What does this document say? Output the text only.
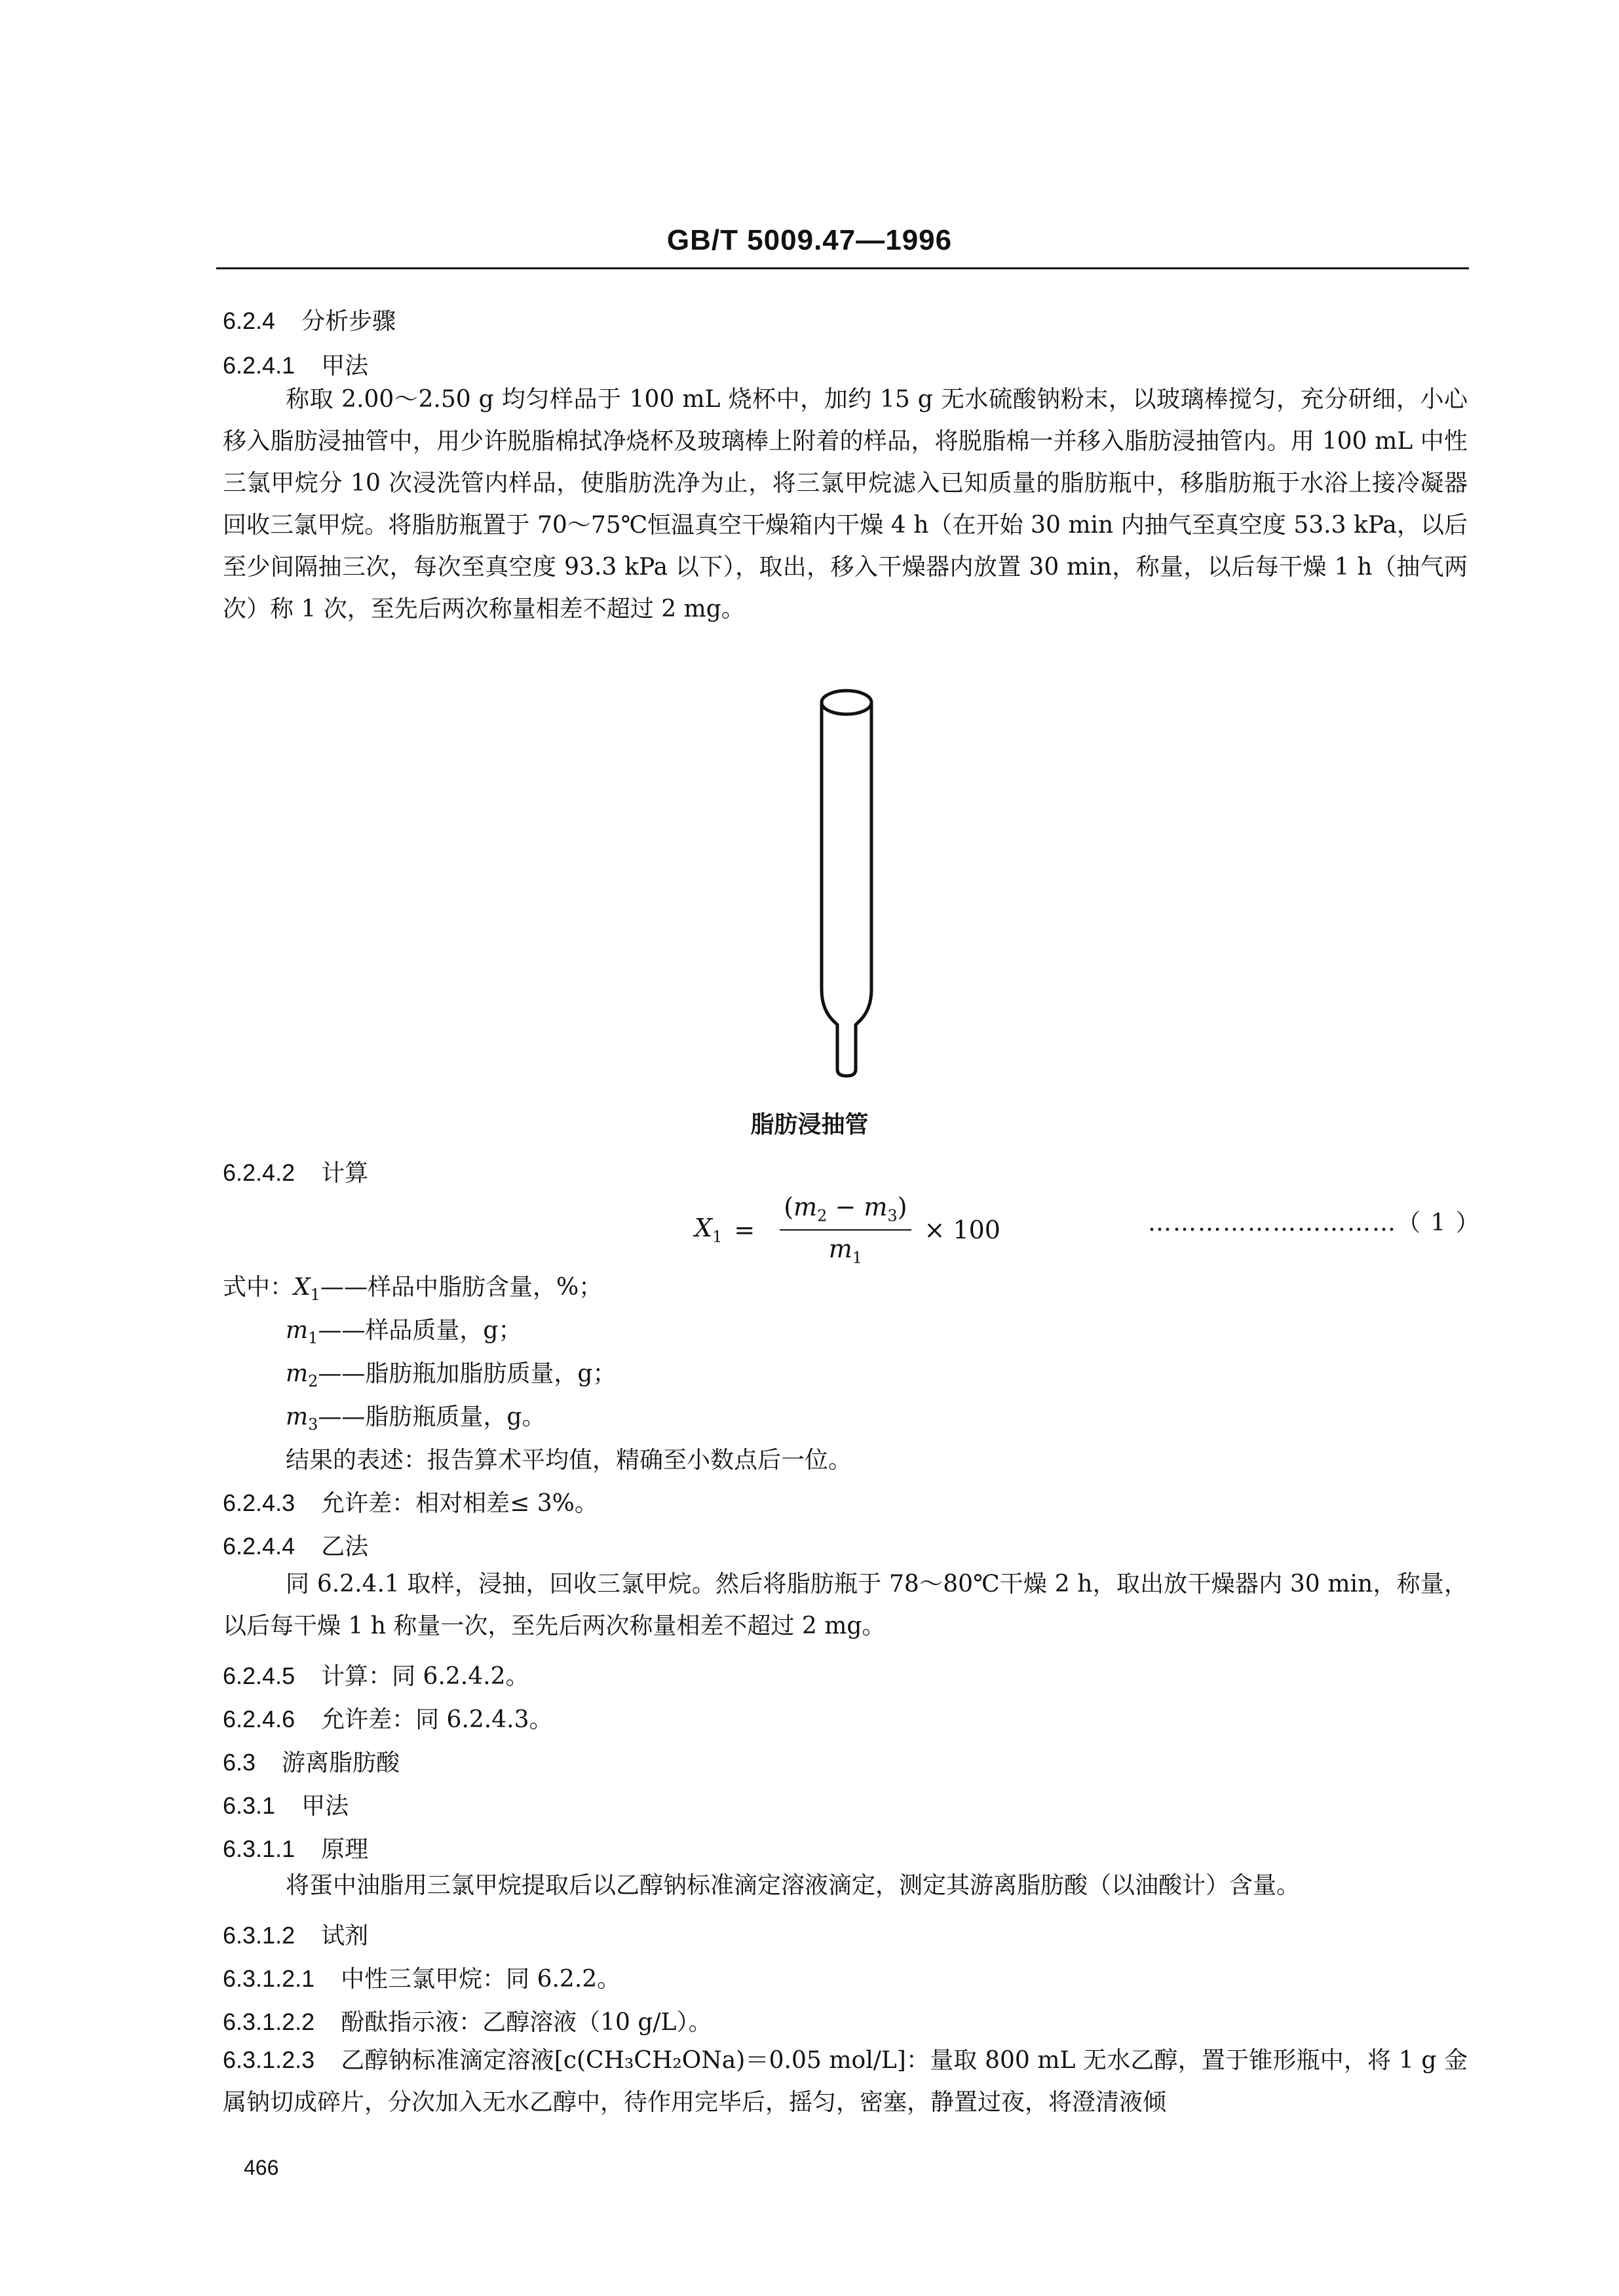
GB/T 5009.47—1996
6.2.4 分析步骤
6.2.4.1 甲法

称取 2.00～2.50 g 均匀样品于 100 mL 烧杯中，加约 15 g 无水硫酸钠粉末，以玻璃棒搅匀，充分研细，小心移入脂肪浸抽管中，用少许脱脂棉拭净烧杯及玻璃棒上附着的样品，将脱脂棉一并移入脂肪浸抽管内。用 100 mL 中性三氯甲烷分 10 次浸洗管内样品，使脂肪洗净为止，将三氯甲烷滤入已知质量的脂肪瓶中，移脂肪瓶于水浴上接冷凝器回收三氯甲烷。将脂肪瓶置于 70～75℃恒温真空干燥箱内干燥 4 h（在开始 30 min 内抽气至真空度 53.3 kPa，以后至少间隔抽三次，每次至真空度 93.3 kPa 以下），取出，移入干燥器内放置 30 min，称量，以后每干燥 1 h（抽气两次）称 1 次，至先后两次称量相差不超过 2 mg。

脂肪浸抽管
6.2.4.2 计算
$X_1 = \frac{(m_2 - m_3)}{m_1} \times 100$	…………………………（ 1 ）
式中：$X_1——$样品中脂肪含量，%；
$m_1——$样品质量，g；
$m_2——$脂肪瓶加脂肪质量，g；
$m_3——$脂肪瓶质量，g。
结果的表述：报告算术平均值，精确至小数点后一位。
6.2.4.3 允许差：相对相差≤ 3%。
6.2.4.4 乙法

同 6.2.4.1 取样，浸抽，回收三氯甲烷。然后将脂肪瓶于 78～80℃干燥 2 h，取出放干燥器内 30 min，称量，以后每干燥 1 h 称量一次，至先后两次称量相差不超过 2 mg。

6.2.4.5 计算：同 6.2.4.2。
6.2.4.6 允许差：同 6.2.4.3。
6.3 游离脂肪酸
6.3.1 甲法
6.3.1.1 原理

将蛋中油脂用三氯甲烷提取后以乙醇钠标准滴定溶液滴定，测定其游离脂肪酸（以油酸计）含量。

6.3.1.2 试剂
6.3.1.2.1 中性三氯甲烷：同 6.2.2。
6.3.1.2.2 酚酞指示液：乙醇溶液（10 g/L）。

6.3.1.2.3 乙醇钠标准滴定溶液[c(CH₃CH₂ONa)＝0.05 mol/L]：量取 800 mL 无水乙醇，置于锥形瓶中，将 1 g 金属钠切成碎片，分次加入无水乙醇中，待作用完毕后，摇匀，密塞，静置过夜，将澄清液倾

466
